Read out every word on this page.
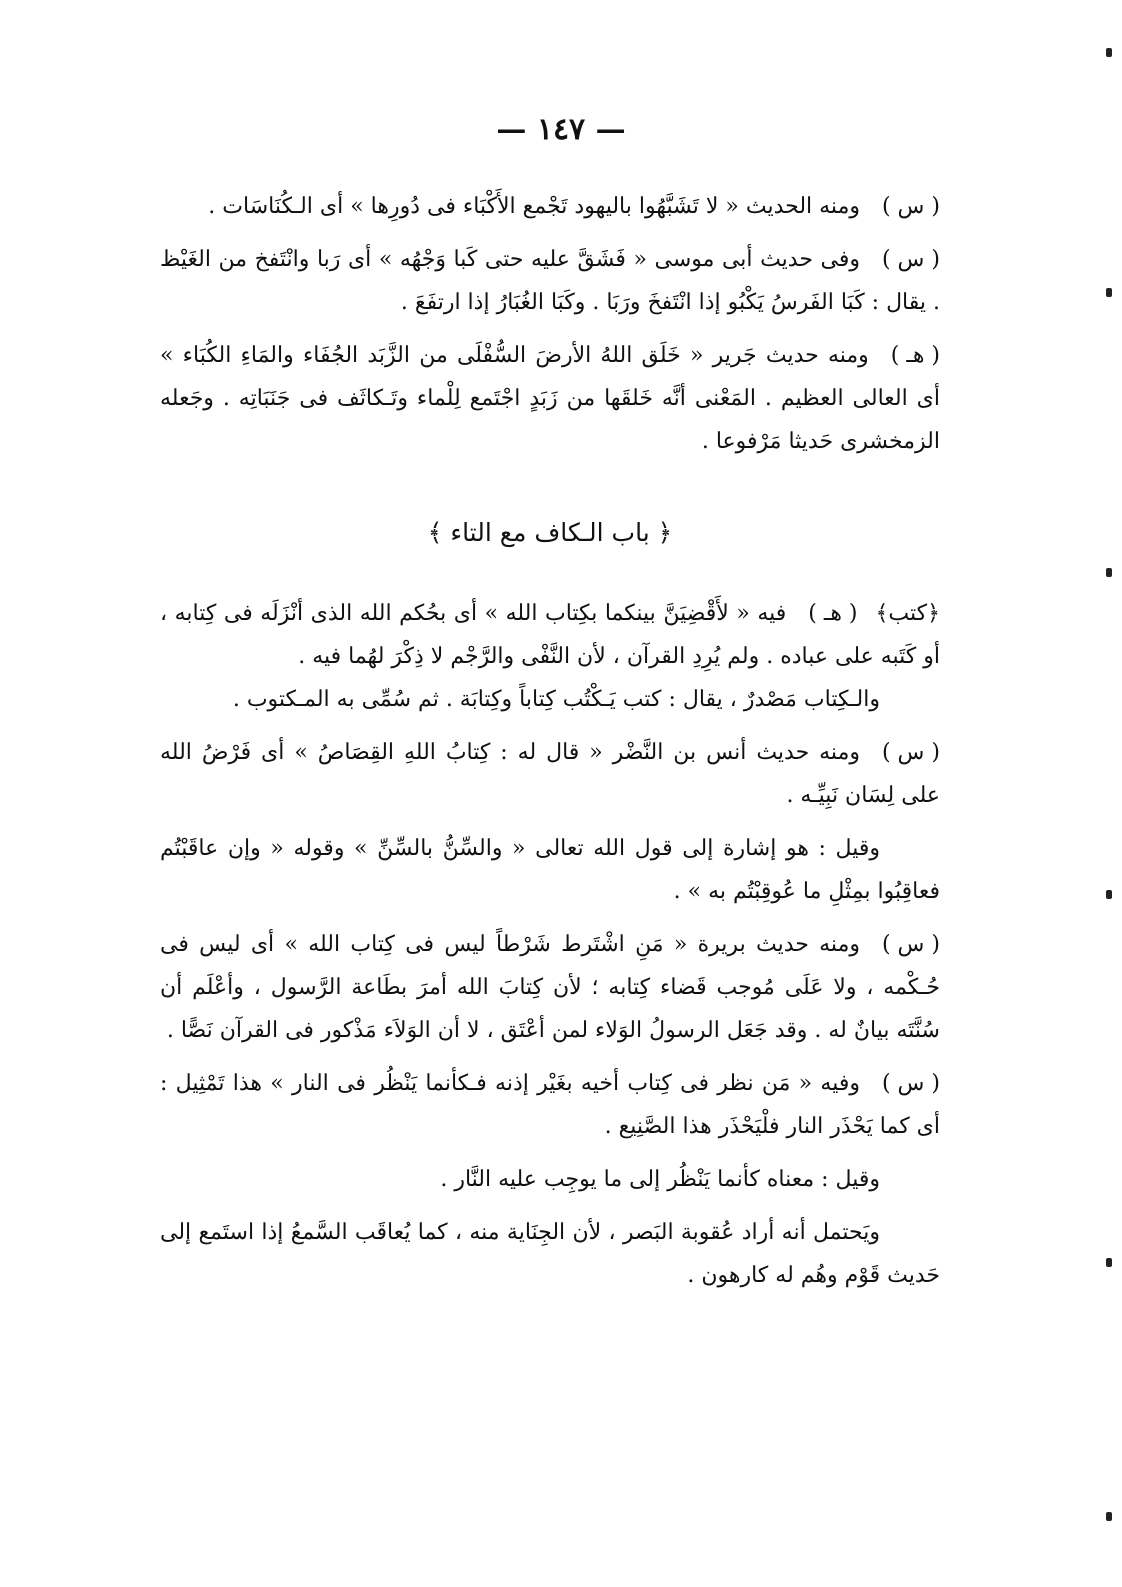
— ١٤٧ —

( س )ومنه الحديث « لا تَشَبَّهُوا باليهود تَجْمع الأَكْبَاء فى دُورِها » أى الـكُنَاسَات .

( س )وفى حديث أبى موسى « فَشَقَّ عليه حتى كَبا وَجْهُه » أى رَبا وانْتَفخ من الغَيْظ . يقال : كَبَا الفَرسُ يَكْبُو إذا انْتَفخَ ورَبَا . وكَبَا الغُبَارُ إذا ارتفَعَ .

( هـ )ومنه حديث جَرير « خَلَق اللهُ الأرضَ السُّفْلَى من الزَّبَد الجُفَاء والمَاءِ الكُبَاء » أى العالى العظيم . المَعْنى أنَّه خَلقَها من زَبَدٍ اجْتَمع لِلْماء وتَـكاثَف فى جَنَبَاتِه . وجَعله الزمخشرى حَديثا مَرْفوعا .

﴿ باب الـكاف مع التاء ﴾

﴿كتب﴾( هـ )فيه « لأَقْضِيَنَّ بينكما بكِتاب الله » أى بحُكم الله الذى أنْزَلَه فى كِتابه ، أو كَتَبه على عباده . ولم يُرِدِ القرآن ، لأن النَّفْى والرَّجْم لا ذِكْرَ لهُما فيه .

والـكِتاب مَصْدرٌ ، يقال : كتب يَـكْتُب كِتاباً وكِتابَة . ثم سُمِّى به المـكتوب .

( س )ومنه حديث أنس بن النَّضْر « قال له : كِتابُ اللهِ القِصَاصُ » أى فَرْضُ الله على لِسَان نَبِيِّـه .

وقيل : هو إشارة إلى قول الله تعالى « والسِّنُّ بالسِّنِّ » وقوله « وإن عاقَبْتُم فعاقِبُوا بمِثْلِ ما عُوقِبْتُم به » .

( س )ومنه حديث بريرة « مَنِ اشْتَرط شَرْطاً ليس فى كِتاب الله » أى ليس فى حُـكْمه ، ولا عَلَى مُوجب قَضاء كِتابه ؛ لأن كِتابَ الله أمرَ بطَاعة الرَّسول ، وأعْلَم أن سُنَّتَه بيانٌ له . وقد جَعَل الرسولُ الوَلاء لمن أعْتَق ، لا أن الوَلاَء مَذْكور فى القرآن نَصًّا .

( س )وفيه « مَن نظر فى كِتاب أخيه بغَيْر إذنه فـكأنما يَنْظُر فى النار » هذا تَمْثِيل : أى كما يَحْذَر النار فلْيَحْذَر هذا الصَّنِيع .

وقيل : معناه كأنما يَنْظُر إلى ما يوجِب عليه النَّار .

ويَحتمل أنه أراد عُقوبة البَصر ، لأن الجِنَاية منه ، كما يُعاقَب السَّمعُ إذا استَمع إلى حَديث قَوْم وهُم له كارهون .
